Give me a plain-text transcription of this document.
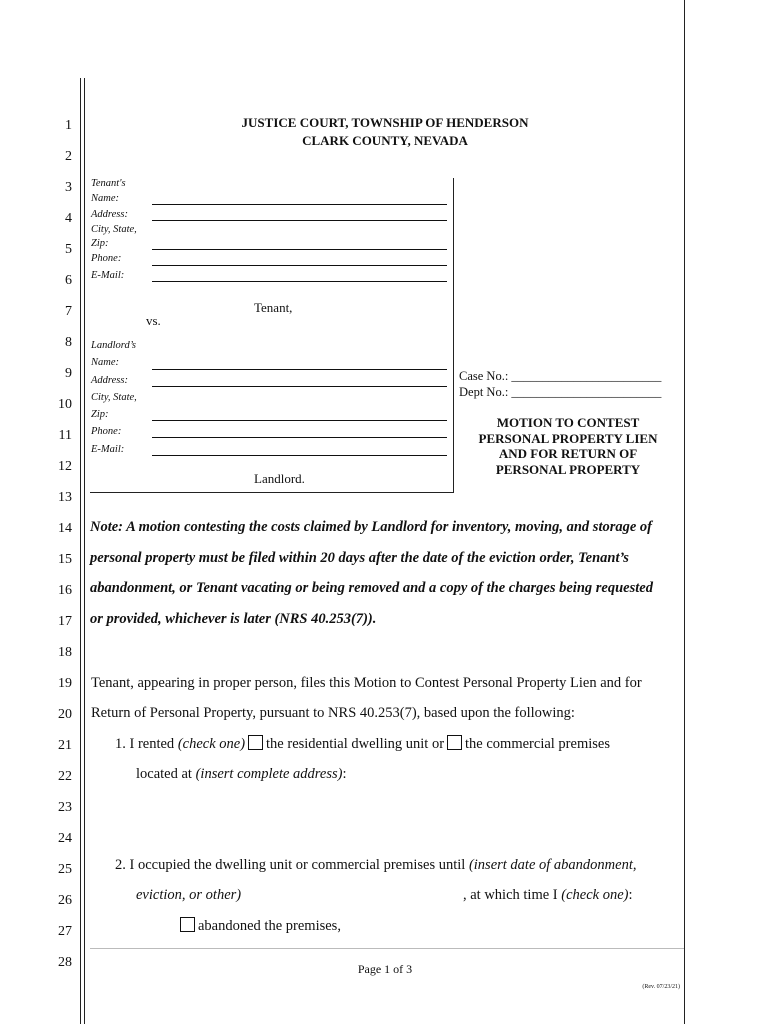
1
2
3
4
5
6
7
8
9
10
11
12
13
14
15
16
17
18
19
20
21
22
23
24
25
26
27
28
JUSTICE COURT, TOWNSHIP OF HENDERSON
CLARK COUNTY, NEVADA
Tenant's
Name:
Address:
City, State,
Zip:
Phone:
E-Mail:
Tenant,
vs.
Landlord’s
Name:
Address:
City, State,
Zip:
Phone:
E-Mail:
Landlord.
Case No.: ________________________
Dept No.: ________________________
MOTION TO CONTEST
PERSONAL PROPERTY LIEN
AND FOR RETURN OF
PERSONAL PROPERTY
Note: A motion contesting the costs claimed by Landlord for inventory, moving, and storage of
personal property must be filed within 20 days after the date of the eviction order, Tenant’s
abandonment, or Tenant vacating or being removed and a copy of the charges being requested
or provided, whichever is later (NRS 40.253(7)).
Tenant, appearing in proper person, files this Motion to Contest Personal Property Lien and for
Return of Personal Property, pursuant to NRS 40.253(7), based upon the following:
1. I rented (check one) the residential dwelling unit or the commercial premises
located at (insert complete address):
2. I occupied the dwelling unit or commercial premises until (insert date of abandonment,
eviction, or other)	, at which time I (check one):
abandoned the premises,
Page 1 of 3
(Rev. 07/23/21)
